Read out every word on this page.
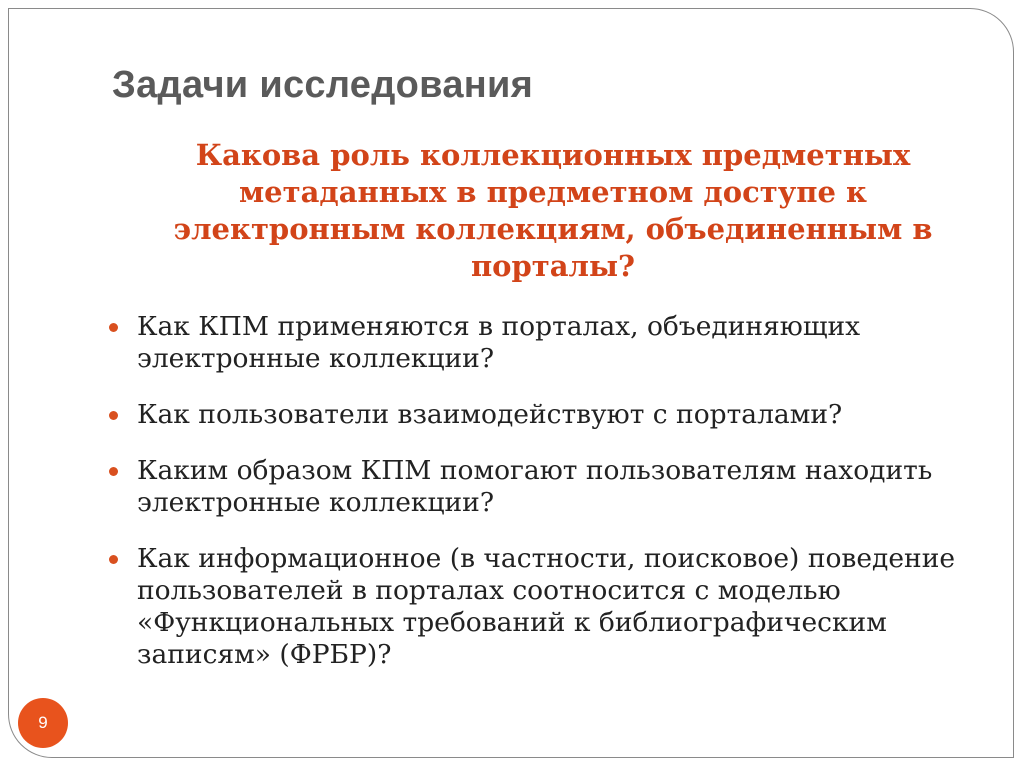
Задачи исследования

Какова роль коллекционных предметных метаданных в предметном доступе к электронным коллекциям, объединенным в порталы?

Как КПМ применяются в порталах, объединяющих электронные коллекции?
Как пользователи взаимодействуют с порталами?
Каким образом КПМ помогают пользователям находить электронные коллекции?
Как информационное (в частности, поисковое) поведение пользователей в порталах соотносится с моделью «Функциональных требований к библиографическим записям» (ФРБР)?
9
